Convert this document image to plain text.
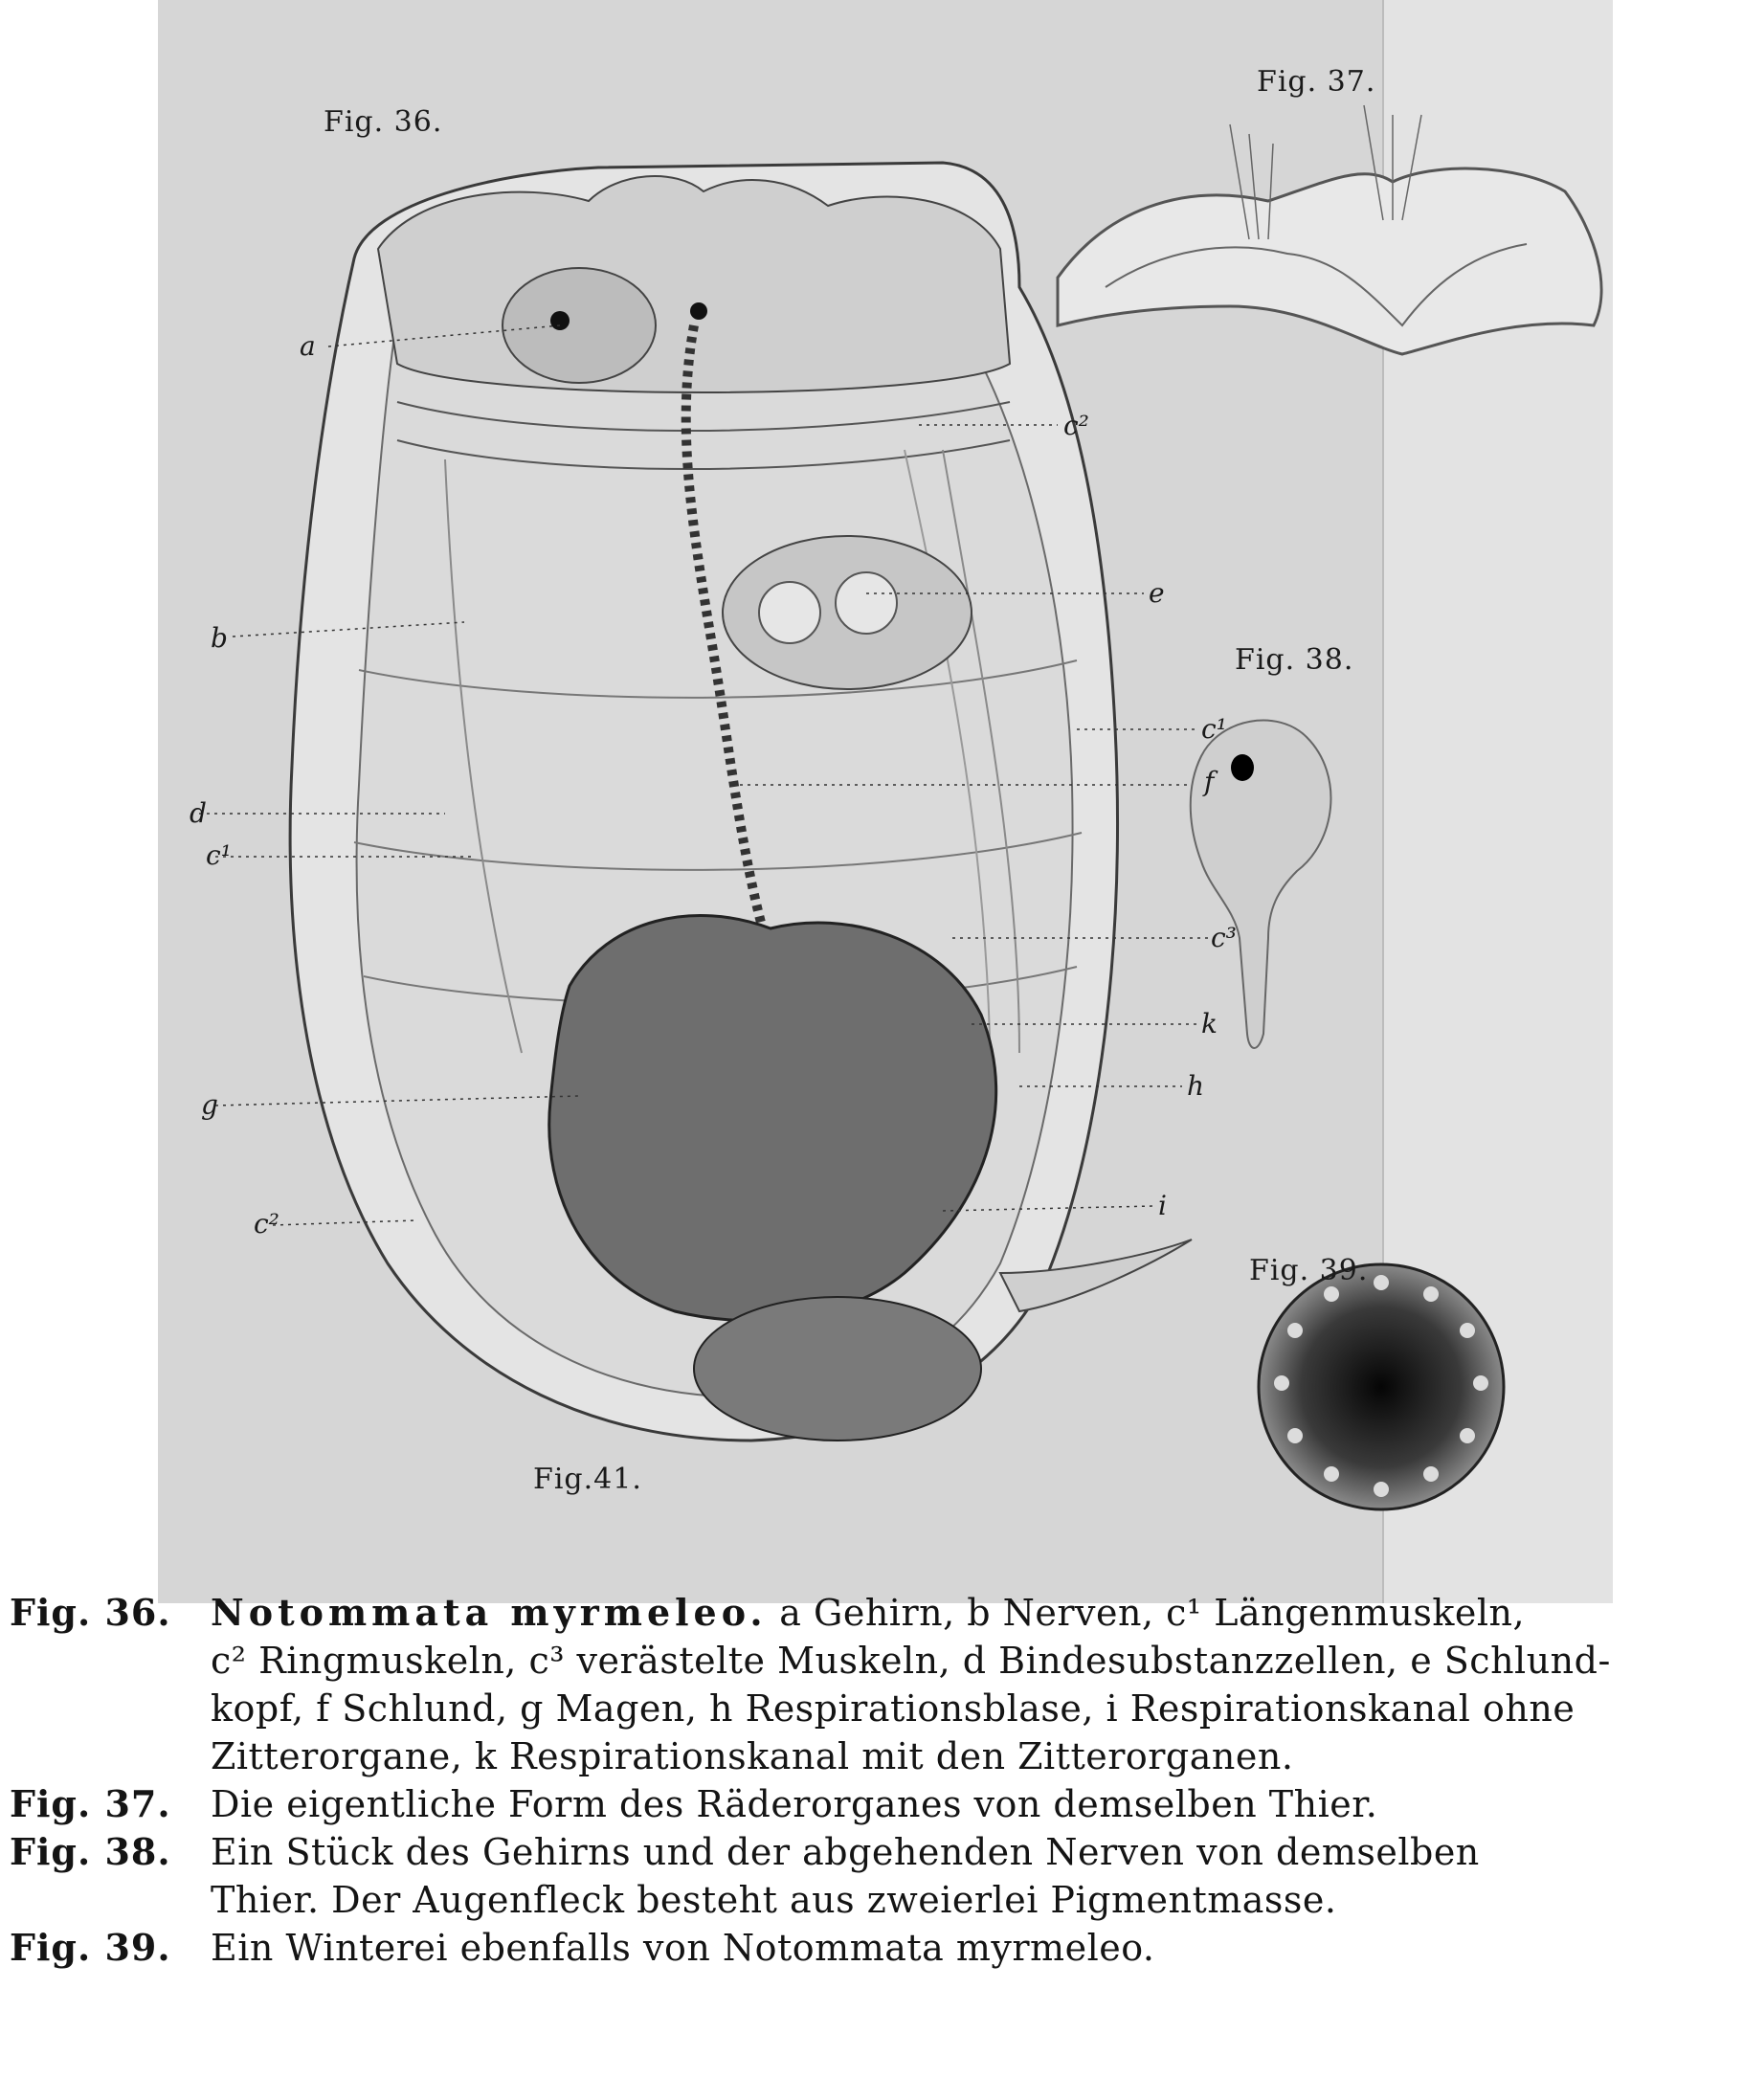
Fig. 36.
Fig. 37.
Fig. 38.
Fig. 39.
Fig.41.
a
b
c²
e
c¹
f
d
c¹
c³
k
g
h
i
c²
Fig. 36.	Notommata myrmeleo. a Gehirn, b Nerven, c¹ Längenmuskeln,
c² Ringmuskeln, c³ verästelte Muskeln, d Bindesubstanzzellen, e Schlund-
kopf, f Schlund, g Magen, h Respirationsblase, i Respirationskanal ohne
Zitterorgane, k Respirationskanal mit den Zitterorganen.
Fig. 37.	Die eigentliche Form des Räderorganes von demselben Thier.
Fig. 38.	Ein Stück des Gehirns und der abgehenden Nerven von demselben
Thier. Der Augenfleck besteht aus zweierlei Pigmentmasse.
Fig. 39.	Ein Winterei ebenfalls von Notommata myrmeleo.
